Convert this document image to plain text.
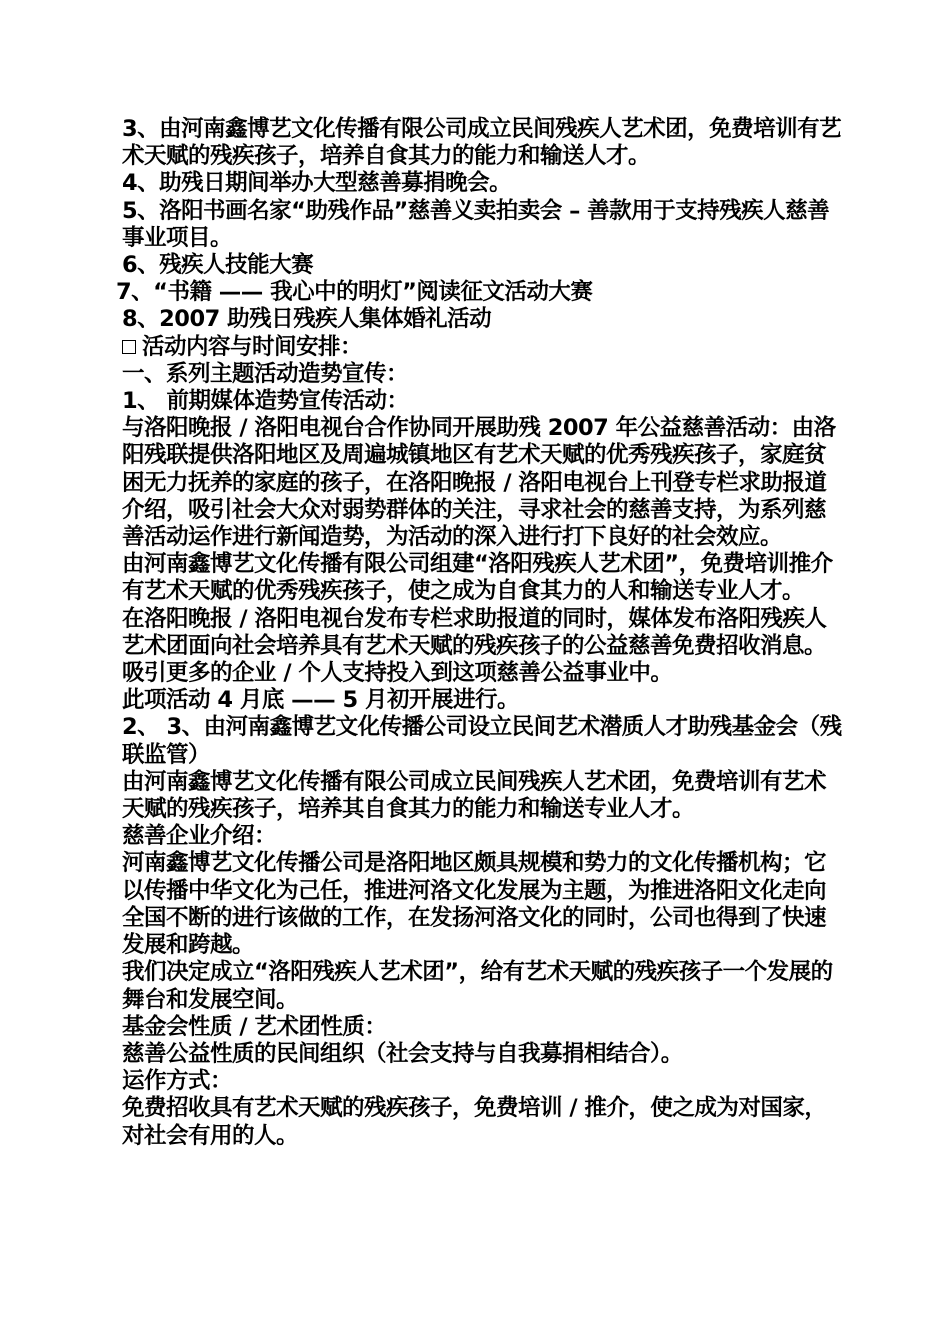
3、由河南鑫博艺文化传播有限公司成立民间残疾人艺术团，免费培训有艺术天赋的残疾孩子，培养自食其力的能力和输送人才。

4、助残日期间举办大型慈善募捐晚会。

5、洛阳书画名家“助残作品”慈善义卖拍卖会 – 善款用于支持残疾人慈善事业项目。

6、残疾人技能大赛

7、“书籍 —— 我心中的明灯”阅读征文活动大赛

8、2007 助残日残疾人集体婚礼活动

活动内容与时间安排：

一、系列主题活动造势宣传：

1、 前期媒体造势宣传活动：

与洛阳晚报 / 洛阳电视台合作协同开展助残 2007 年公益慈善活动：由洛阳残联提供洛阳地区及周遍城镇地区有艺术天赋的优秀残疾孩子，家庭贫困无力抚养的家庭的孩子，在洛阳晚报 / 洛阳电视台上刊登专栏求助报道介绍，吸引社会大众对弱势群体的关注，寻求社会的慈善支持，为系列慈善活动运作进行新闻造势，为活动的深入进行打下良好的社会效应。

由河南鑫博艺文化传播有限公司组建“洛阳残疾人艺术团”，免费培训推介有艺术天赋的优秀残疾孩子，使之成为自食其力的人和输送专业人才。

在洛阳晚报 / 洛阳电视台发布专栏求助报道的同时，媒体发布洛阳残疾人艺术团面向社会培养具有艺术天赋的残疾孩子的公益慈善免费招收消息。吸引更多的企业 / 个人支持投入到这项慈善公益事业中。

此项活动 4 月底 —— 5 月初开展进行。

2、 3、由河南鑫博艺文化传播公司设立民间艺术潜质人才助残基金会（残联监管）

由河南鑫博艺文化传播有限公司成立民间残疾人艺术团，免费培训有艺术天赋的残疾孩子，培养其自食其力的能力和输送专业人才。

慈善企业介绍：

河南鑫博艺文化传播公司是洛阳地区颇具规模和势力的文化传播机构；它以传播中华文化为己任，推进河洛文化发展为主题，为推进洛阳文化走向全国不断的进行该做的工作，在发扬河洛文化的同时，公司也得到了快速发展和跨越。

我们决定成立“洛阳残疾人艺术团”，给有艺术天赋的残疾孩子一个发展的舞台和发展空间。

基金会性质 / 艺术团性质：

慈善公益性质的民间组织（社会支持与自我募捐相结合）。

运作方式：

免费招收具有艺术天赋的残疾孩子，免费培训 / 推介，使之成为对国家，对社会有用的人。
